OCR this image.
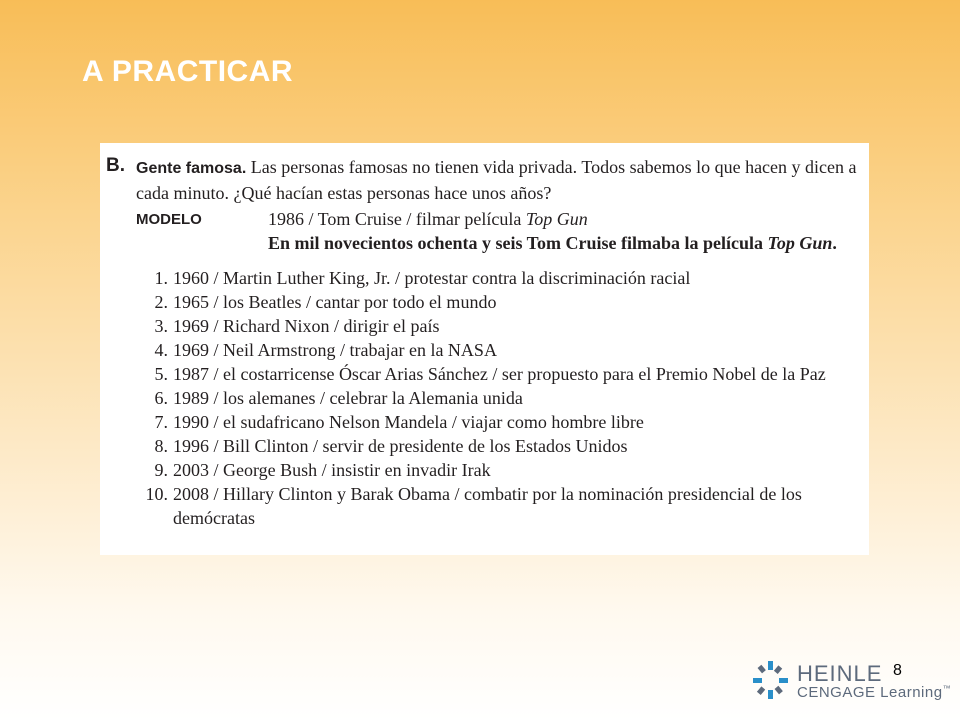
A PRACTICAR
B. Gente famosa. Las personas famosas no tienen vida privada. Todos sabemos lo que hacen y dicen a cada minuto. ¿Qué hacían estas personas hace unos años?
MODELO	1986 / Tom Cruise / filmar película Top Gun
En mil novecientos ochenta y seis Tom Cruise filmaba la película Top Gun.
1. 1960 / Martin Luther King, Jr. / protestar contra la discriminación racial
2. 1965 / los Beatles / cantar por todo el mundo
3. 1969 / Richard Nixon / dirigir el país
4. 1969 / Neil Armstrong / trabajar en la NASA
5. 1987 / el costarricense Óscar Arias Sánchez / ser propuesto para el Premio Nobel de la Paz
6. 1989 / los alemanes / celebrar la Alemania unida
7. 1990 / el sudafricano Nelson Mandela / viajar como hombre libre
8. 1996 / Bill Clinton / servir de presidente de los Estados Unidos
9. 2003 / George Bush / insistir en invadir Irak
10. 2008 / Hillary Clinton y Barak Obama / combatir por la nominación presidencial de los demócratas
HEINLE
CENGAGE Learning™
8
